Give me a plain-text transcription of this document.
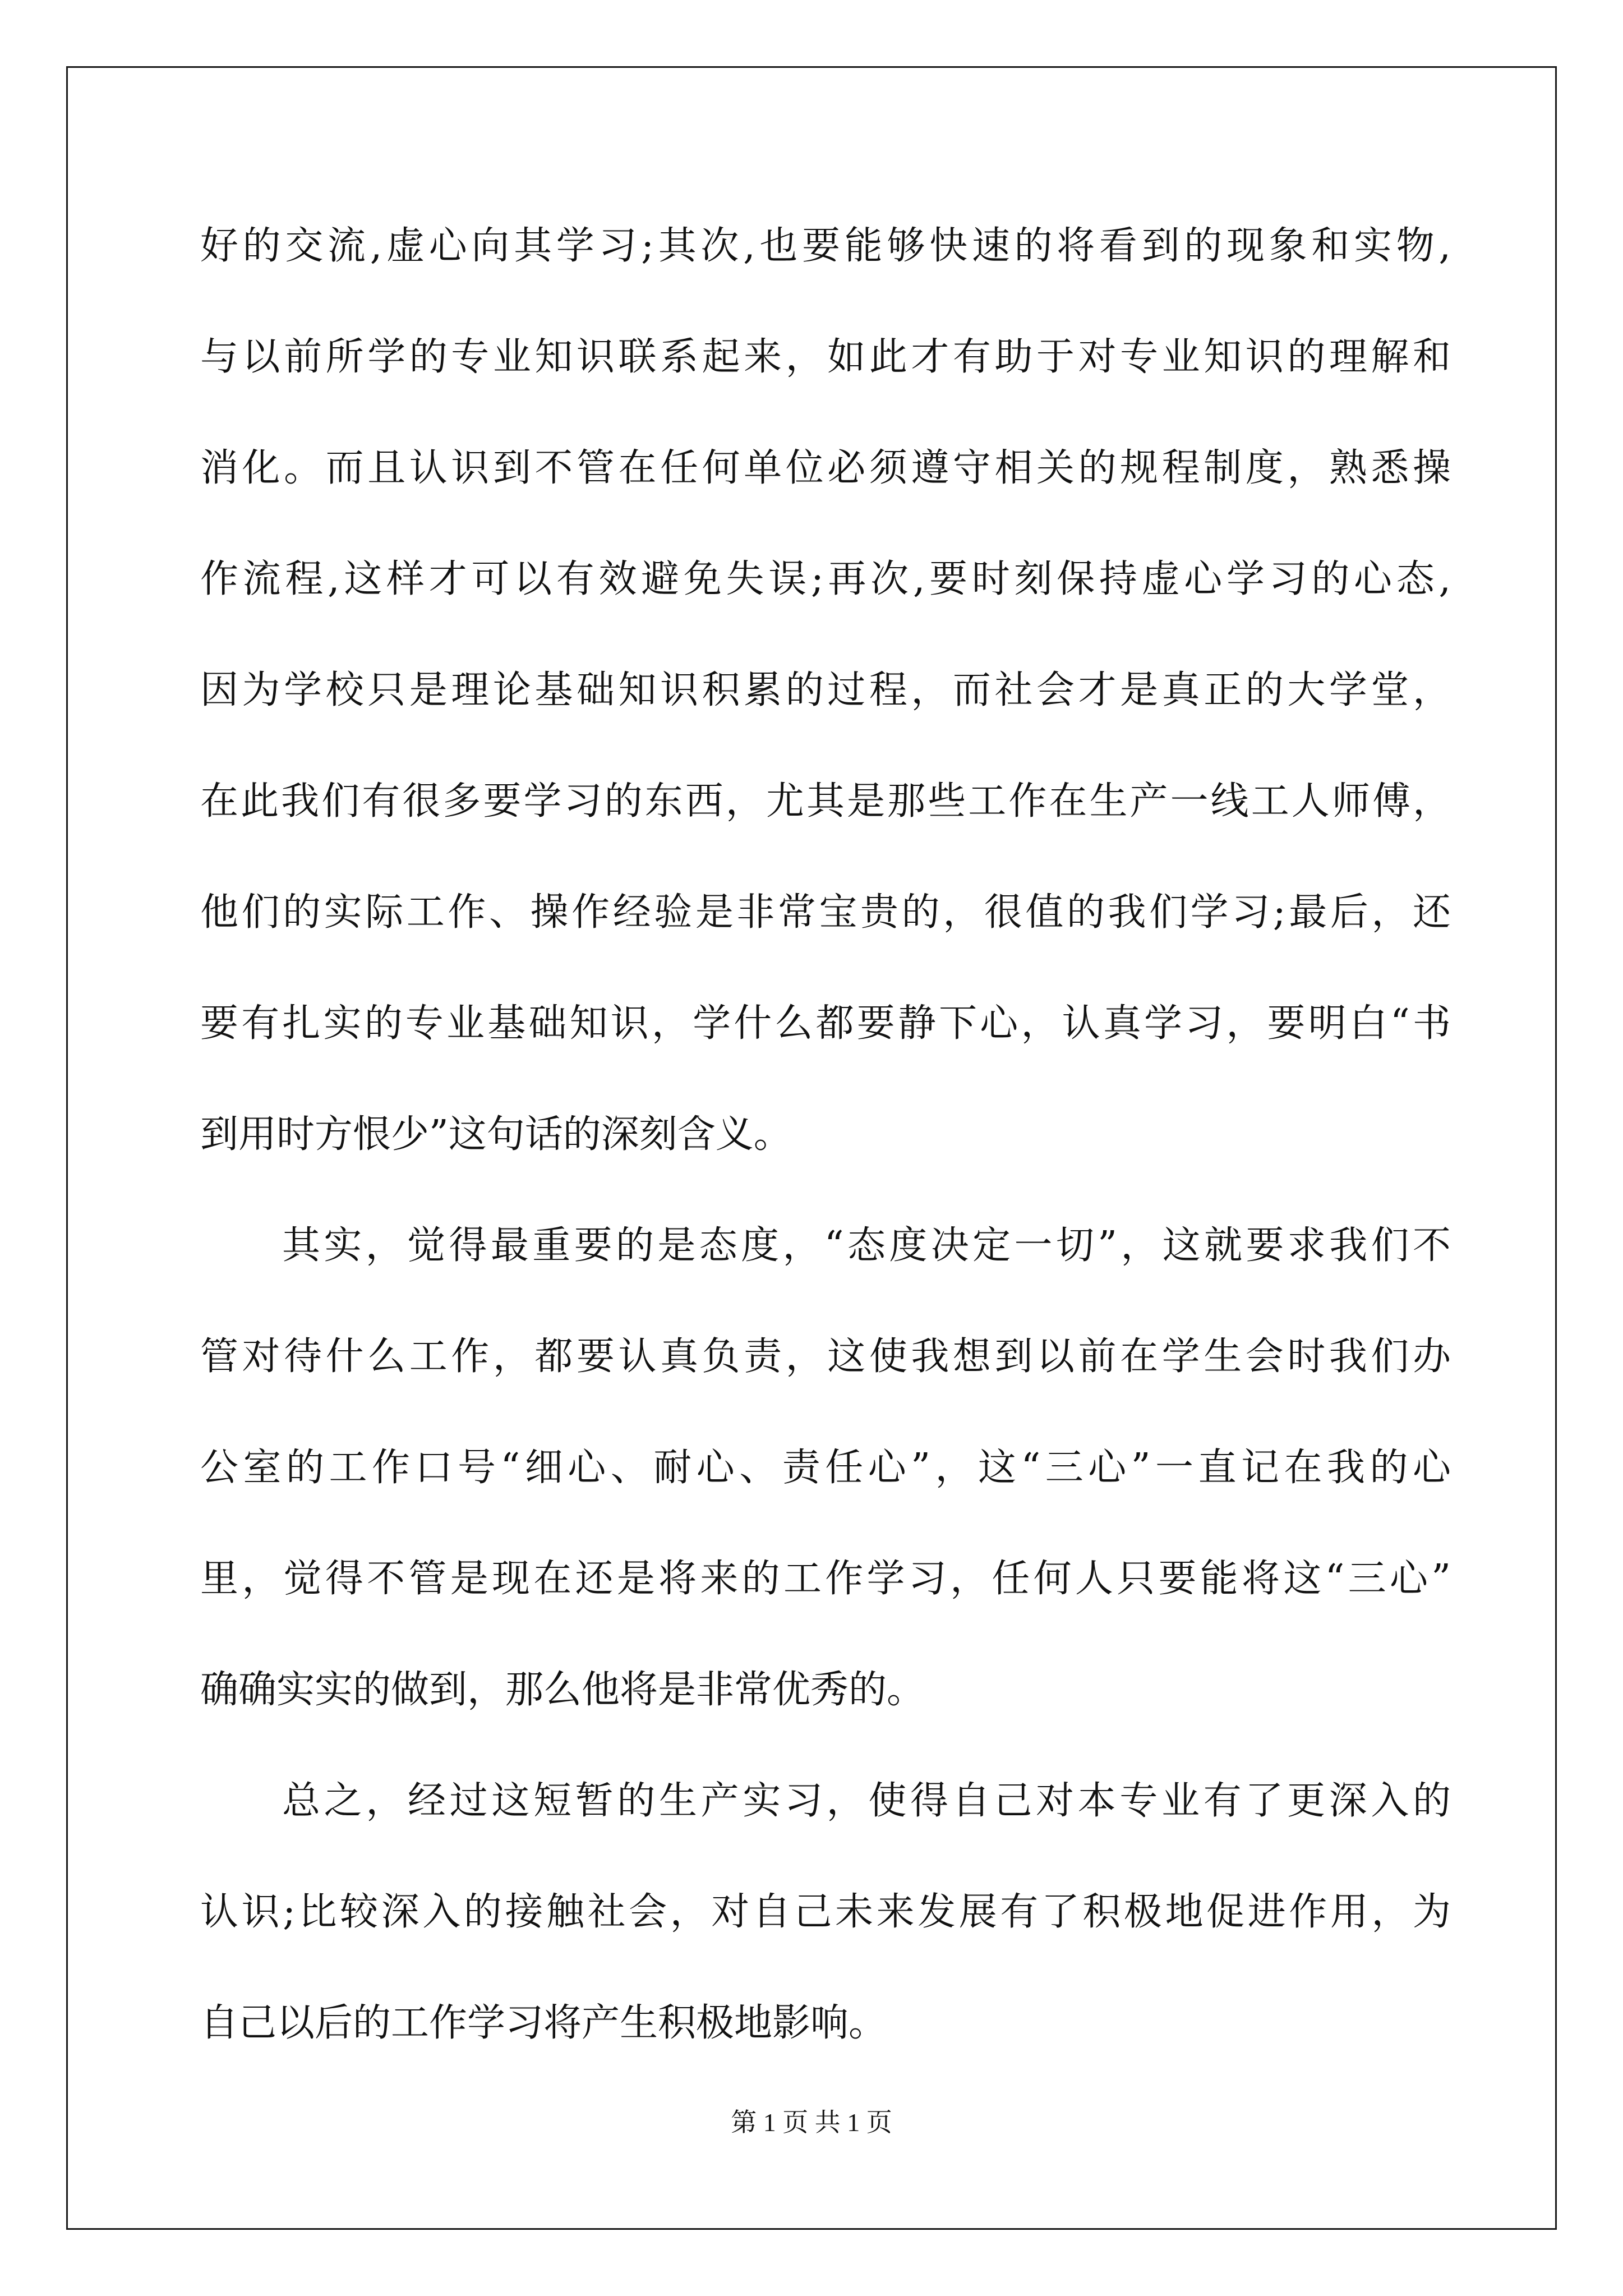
好的交流,虚心向其学习;其次,也要能够快速的将看到的现象和实物,
与以前所学的专业知识联系起来，如此才有助于对专业知识的理解和
消化。而且认识到不管在任何单位必须遵守相关的规程制度，熟悉操
作流程,这样才可以有效避免失误;再次,要时刻保持虚心学习的心态,
因为学校只是理论基础知识积累的过程，而社会才是真正的大学堂，
在此我们有很多要学习的东西，尤其是那些工作在生产一线工人师傅，
他们的实际工作、操作经验是非常宝贵的，很值的我们学习;最后，还
要有扎实的专业基础知识，学什么都要静下心，认真学习，要明白“书
到用时方恨少”这句话的深刻含义。
其实，觉得最重要的是态度，“态度决定一切”，这就要求我们不
管对待什么工作，都要认真负责，这使我想到以前在学生会时我们办
公室的工作口号“细心、耐心、责任心”，这“三心”一直记在我的心
里，觉得不管是现在还是将来的工作学习，任何人只要能将这“三心”
确确实实的做到，那么他将是非常优秀的。
总之，经过这短暂的生产实习，使得自己对本专业有了更深入的
认识;比较深入的接触社会，对自己未来发展有了积极地促进作用，为
自己以后的工作学习将产生积极地影响。
第 1 页 共 1 页
